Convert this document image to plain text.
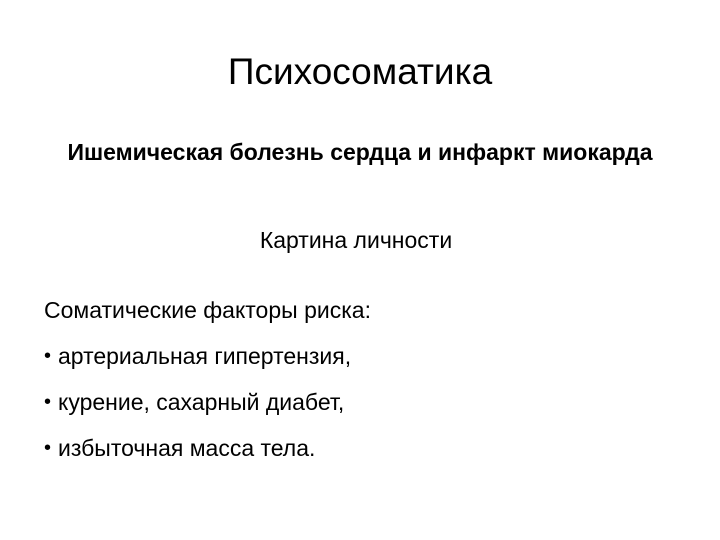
Психосоматика
Ишемическая болезнь сердца и инфаркт миокарда
Картина личности
Соматические факторы риска:
• артериальная гипертензия,
• курение, сахарный диабет,
• избыточная масса тела.
